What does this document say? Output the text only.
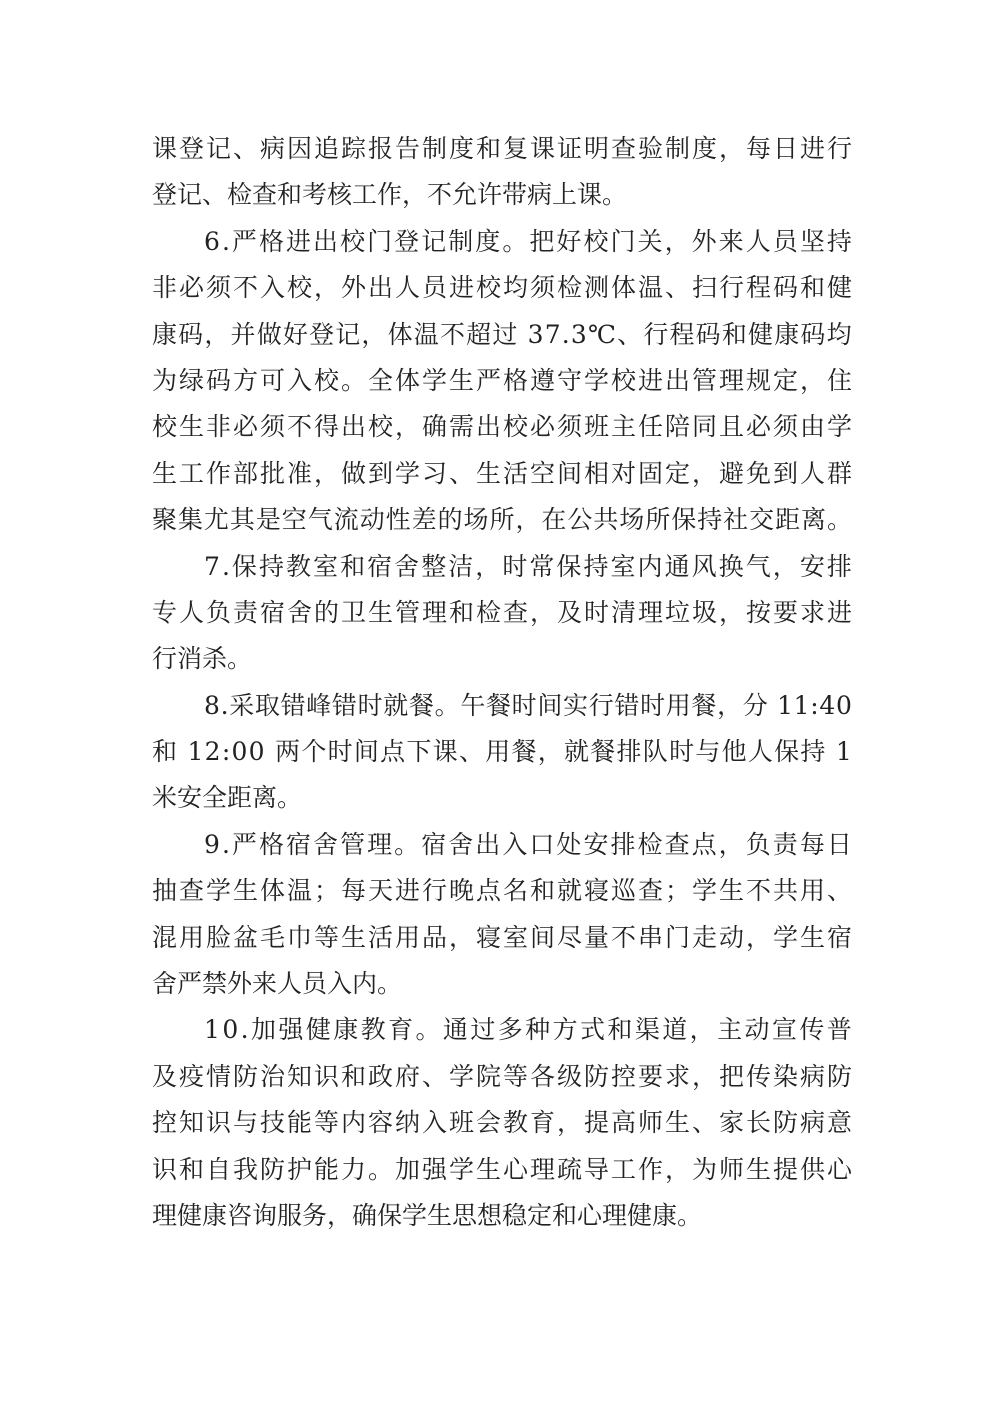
课登记、病因追踪报告制度和复课证明查验制度，每日进行
登记、检查和考核工作，不允许带病上课。
6.严格进出校门登记制度。把好校门关，外来人员坚持
非必须不入校，外出人员进校均须检测体温、扫行程码和健
康码，并做好登记，体温不超过 37.3℃、行程码和健康码均
为绿码方可入校。全体学生严格遵守学校进出管理规定，住
校生非必须不得出校，确需出校必须班主任陪同且必须由学
生工作部批准，做到学习、生活空间相对固定，避免到人群
聚集尤其是空气流动性差的场所，在公共场所保持社交距离。
7.保持教室和宿舍整洁，时常保持室内通风换气，安排
专人负责宿舍的卫生管理和检查，及时清理垃圾，按要求进
行消杀。
8.采取错峰错时就餐。午餐时间实行错时用餐，分 11:40
和 12:00 两个时间点下课、用餐，就餐排队时与他人保持 1
米安全距离。
9.严格宿舍管理。宿舍出入口处安排检查点，负责每日
抽查学生体温；每天进行晚点名和就寝巡查；学生不共用、
混用脸盆毛巾等生活用品，寝室间尽量不串门走动，学生宿
舍严禁外来人员入内。
10.加强健康教育。通过多种方式和渠道，主动宣传普
及疫情防治知识和政府、学院等各级防控要求，把传染病防
控知识与技能等内容纳入班会教育，提高师生、家长防病意
识和自我防护能力。加强学生心理疏导工作，为师生提供心
理健康咨询服务，确保学生思想稳定和心理健康。
